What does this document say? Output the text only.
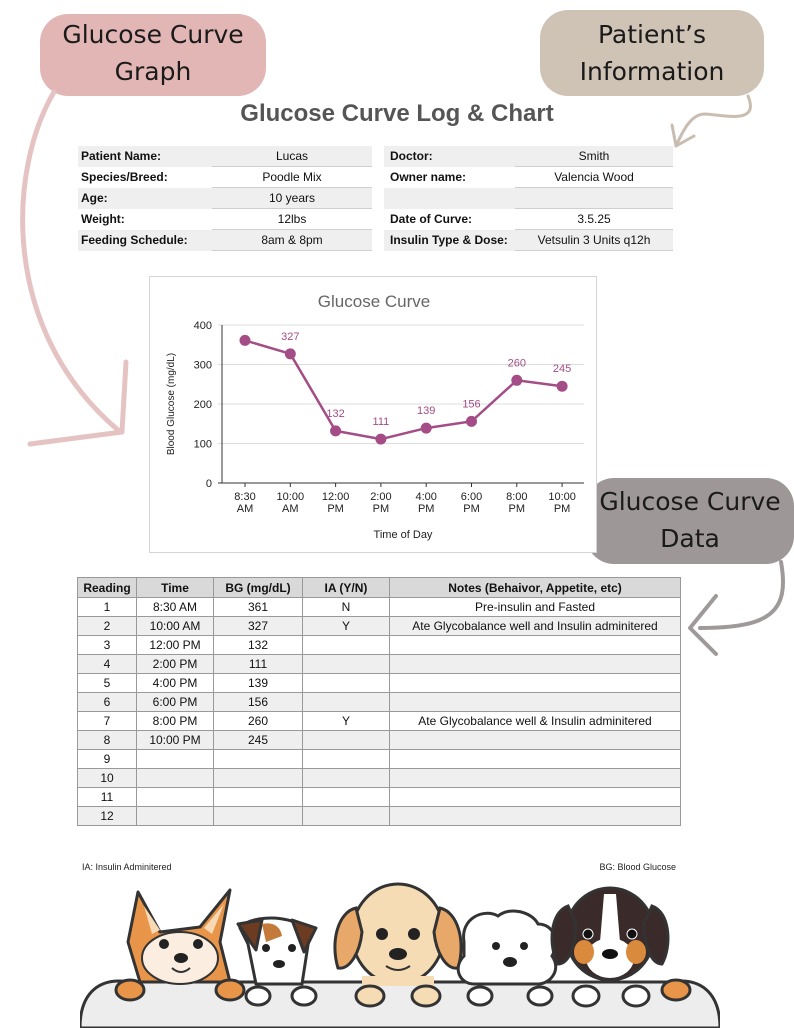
Glucose Curve
Graph
Patient’s
Information
Glucose Curve
Data
Glucose Curve Log & Chart
Patient Name:	Lucas		Doctor:	Smith
Species/Breed:	Poodle Mix		Owner name:	Valencia Wood
Age:	10 years			
Weight:	12lbs		Date of Curve:	3.5.25
Feeding Schedule:	8am & 8pm		Insulin Type & Dose:	Vetsulin 3 Units q12h
Glucose Curve
0
100
200
300
400
Blood Glucose (mg/dL)
8:30
AM
10:00
AM
12:00
PM
2:00
PM
4:00
PM
6:00
PM
8:00
PM
10:00
PM
Time of Day
327
132
111
139
156
260 245
Reading	Time	BG (mg/dL)	IA (Y/N)	Notes (Behaivor, Appetite, etc)
1	8:30 AM	361	N	Pre-insulin and Fasted
2	10:00 AM	327	Y	Ate Glycobalance well and Insulin adminitered
3	12:00 PM	132		
4	2:00 PM	111		
5	4:00 PM	139		
6	6:00 PM	156		
7	8:00 PM	260	Y	Ate Glycobalance well & Insulin adminitered
8	10:00 PM	245		
9				
10				
11				
12				
IA: Insulin Adminitered	BG: Blood Glucose
